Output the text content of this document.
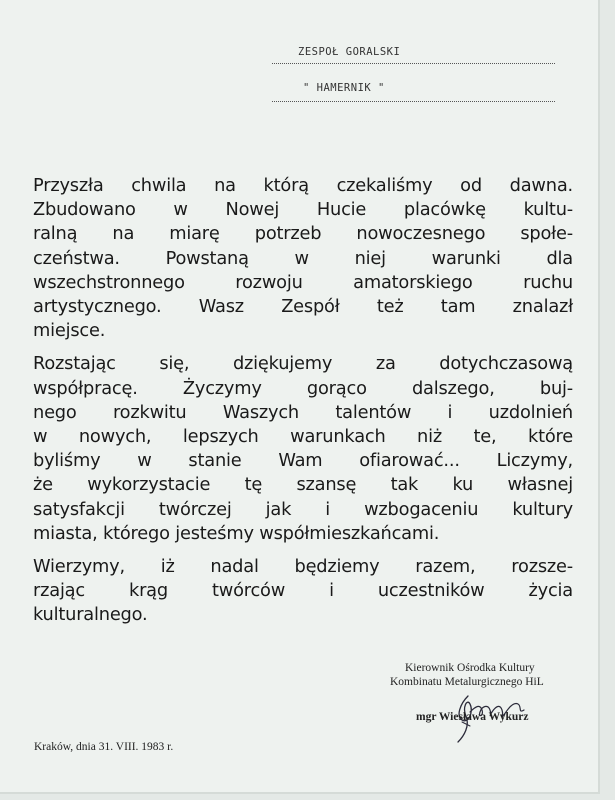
ZESPOŁ GORALSKI
" HAMERNIK "
Przyszła chwila na którą czekaliśmy od dawna.
Zbudowano w Nowej Hucie placówkę kultu-
ralną na miarę potrzeb nowoczesnego społe-
czeństwa. Powstaną w niej warunki dla
wszechstronnego rozwoju amatorskiego ruchu
artystycznego. Wasz Zespół też tam znalazł
miejsce.
Rozstając się, dziękujemy za dotychczasową
współpracę. Życzymy gorąco dalszego, buj-
nego rozkwitu Waszych talentów i uzdolnień
w nowych, lepszych warunkach niż te, które
byliśmy w stanie Wam ofiarować... Liczymy,
że wykorzystacie tę szansę tak ku własnej
satysfakcji twórczej jak i wzbogaceniu kultury
miasta, którego jesteśmy współmieszkańcami.
Wierzymy, iż nadal będziemy razem, rozsze-
rzając krąg twórców i uczestników życia
kulturalnego.
Kierownik Ośrodka Kultury
Kombinatu Metalurgicznego HiL
mgr Wiesława Wykurz
Kraków, dnia 31. VIII. 1983 r.
